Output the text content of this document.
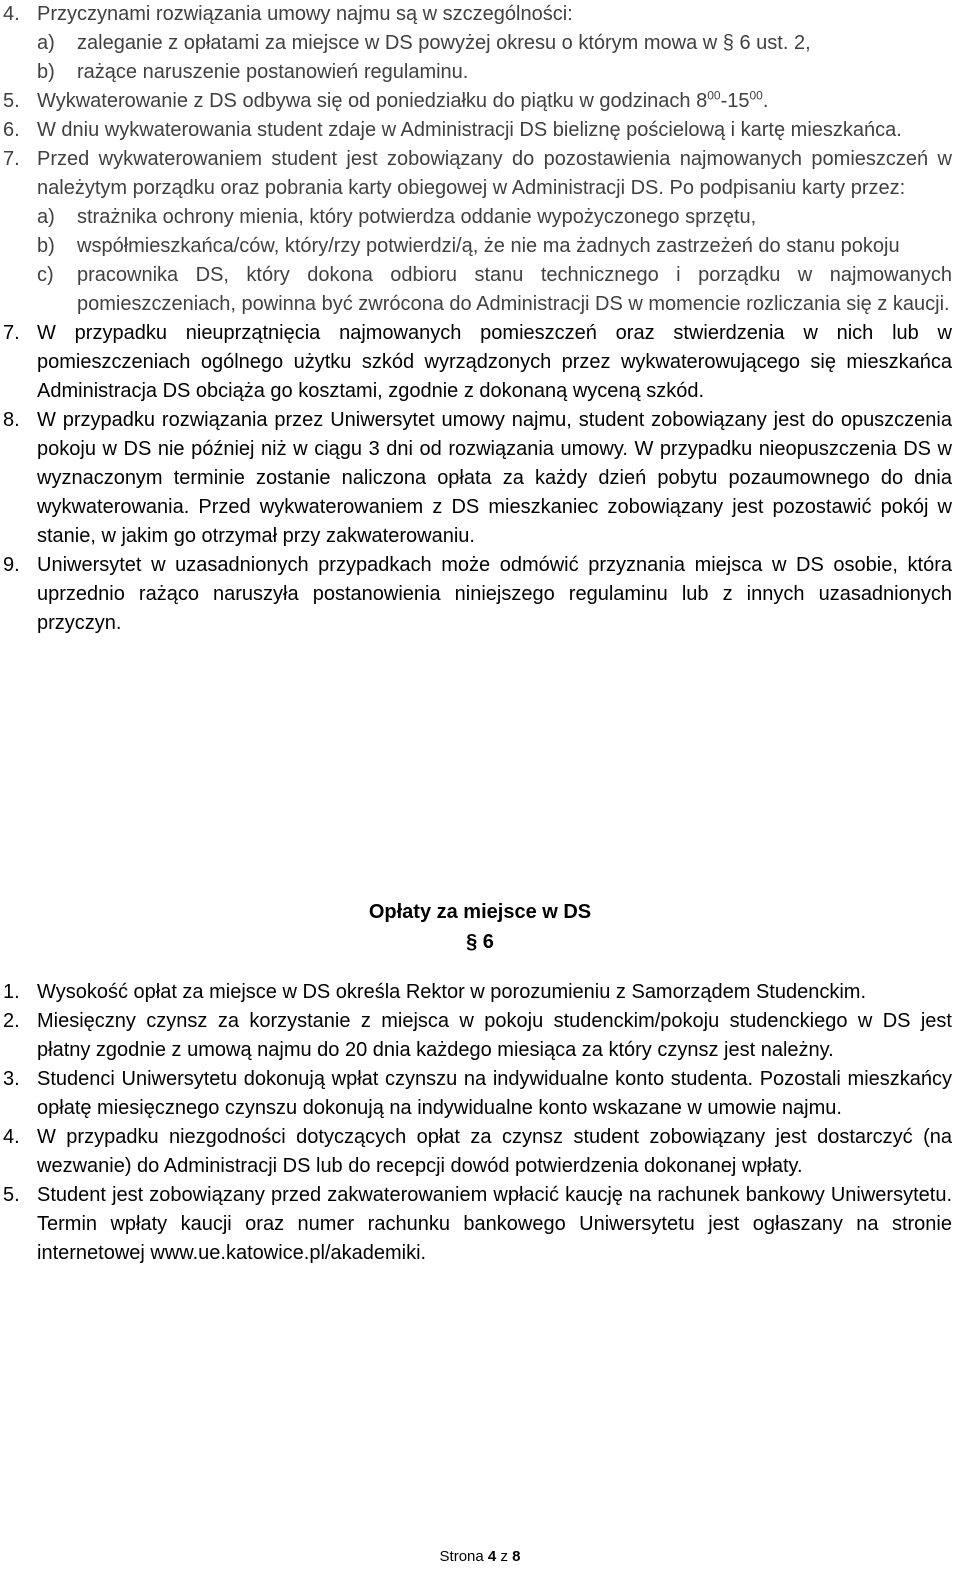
4. Przyczynami rozwiązania umowy najmu są w szczególności:
a) zaleganie z opłatami za miejsce w DS powyżej okresu o którym mowa w § 6 ust. 2,
b) rażące naruszenie postanowień regulaminu.
5. Wykwaterowanie z DS odbywa się od poniedziałku do piątku w godzinach $8^{00}-15^{00}$.
6. W dniu wykwaterowania student zdaje w Administracji DS bieliznę pościelową i kartę mieszkańca.
7. Przed wykwaterowaniem student jest zobowiązany do pozostawienia najmowanych pomieszczeń w należytym porządku oraz pobrania karty obiegowej w Administracji DS. Po podpisaniu karty przez:
a) strażnika ochrony mienia, który potwierdza oddanie wypożyczonego sprzętu,
b) współmieszkańca/ców, który/rzy potwierdzi/ą, że nie ma żadnych zastrzeżeń do stanu pokoju
c) pracownika DS, który dokona odbioru stanu technicznego i porządku w najmowanych pomieszczeniach, powinna być zwrócona do Administracji DS w momencie rozliczania się z kaucji.
7. W przypadku nieuprzątnięcia najmowanych pomieszczeń oraz stwierdzenia w nich lub w pomieszczeniach ogólnego użytku szkód wyrządzonych przez wykwaterowującego się mieszkańca Administracja DS obciąża go kosztami, zgodnie z dokonaną wyceną szkód.
8. W przypadku rozwiązania przez Uniwersytet umowy najmu, student zobowiązany jest do opuszczenia pokoju w DS nie później niż w ciągu 3 dni od rozwiązania umowy. W przypadku nieopuszczenia DS w wyznaczonym terminie zostanie naliczona opłata za każdy dzień pobytu pozaumownego do dnia wykwaterowania. Przed wykwaterowaniem z DS mieszkaniec zobowiązany jest pozostawić pokój w stanie, w jakim go otrzymał przy zakwaterowaniu.
9. Uniwersytet w uzasadnionych przypadkach może odmówić przyznania miejsca w DS osobie, która uprzednio rażąco naruszyła postanowienia niniejszego regulaminu lub z innych uzasadnionych przyczyn.
Opłaty za miejsce w DS
§ 6
1. Wysokość opłat za miejsce w DS określa Rektor w porozumieniu z Samorządem Studenckim.
2. Miesięczny czynsz za korzystanie z miejsca w pokoju studenckim/pokoju studenckiego w DS jest płatny zgodnie z umową najmu do 20 dnia każdego miesiąca za który czynsz jest należny.
3. Studenci Uniwersytetu dokonują wpłat czynszu na indywidualne konto studenta. Pozostali mieszkańcy opłatę miesięcznego czynszu dokonują na indywidualne konto wskazane w umowie najmu.
4. W przypadku niezgodności dotyczących opłat za czynsz student zobowiązany jest dostarczyć (na wezwanie) do Administracji DS lub do recepcji dowód potwierdzenia dokonanej wpłaty.
5. Student jest zobowiązany przed zakwaterowaniem wpłacić kaucję na rachunek bankowy Uniwersytetu. Termin wpłaty kaucji oraz numer rachunku bankowego Uniwersytetu jest ogłaszany na stronie internetowej www.ue.katowice.pl/akademiki.
Strona 4 z 8
